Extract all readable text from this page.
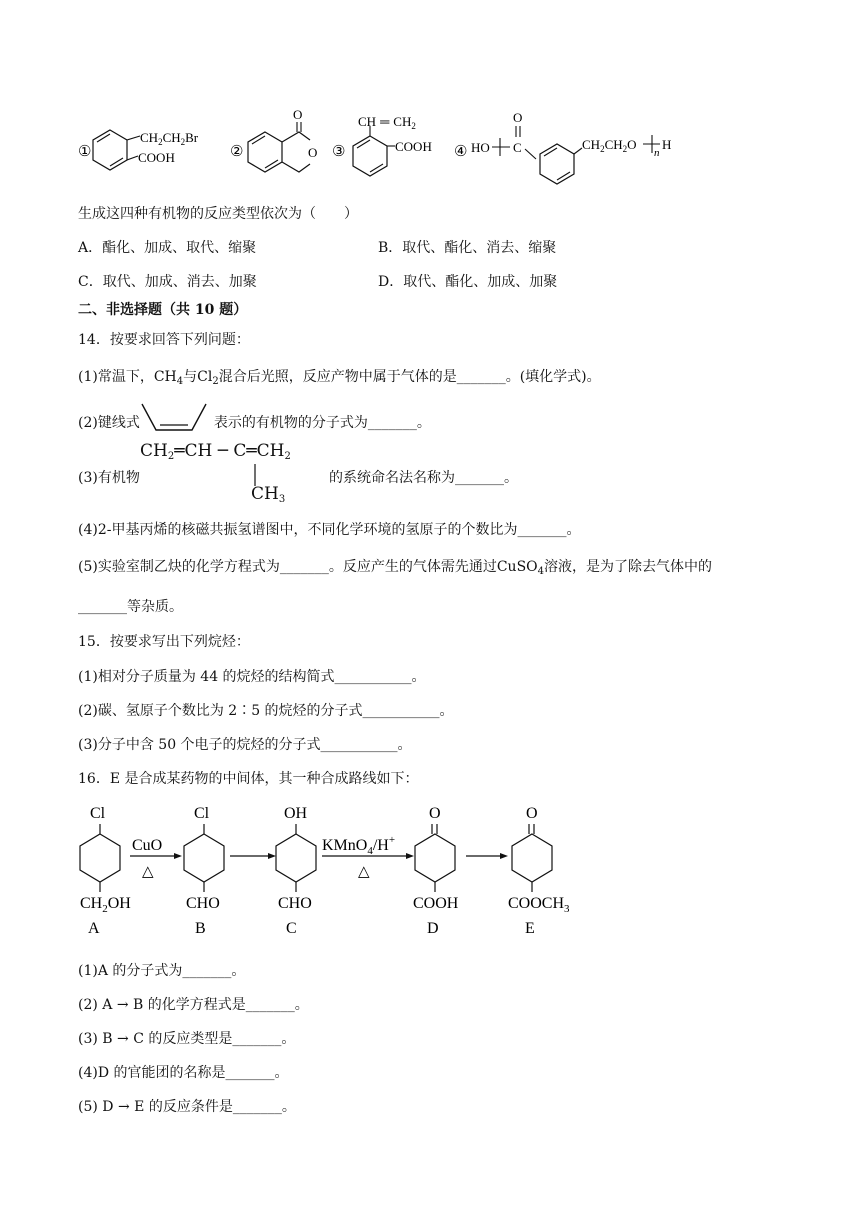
①
$CH_2CH_2Br$
COOH	②
O
O ③
CH ═ $CH_2$
COOH ④ HO C
O
$CH_2CH_2O$
n
H
生成这四种有机物的反应类型依次为（　　）
A．酯化、加成、取代、缩聚	B．取代、酯化、消去、缩聚
C．取代、加成、消去、加聚	D．取代、酯化、加成、加聚
二、非选择题（共 10 题）
14．按要求回答下列问题：
(1)常温下，$CH_4$与$Cl_2$混合后光照，反应产物中属于气体的是_______。(填化学式)。
(2)键线式	表示的有机物的分子式为_______。
$CH_2═CH$ ─ $C═CH_2$
$CH_3$
(3)有机物	的系统命名法名称为_______。
(4)2-甲基丙烯的核磁共振氢谱图中，不同化学环境的氢原子的个数比为_______。
(5)实验室制乙炔的化学方程式为_______。反应产生的气体需先通过CuSO$_4$溶液，是为了除去气体中的
_______等杂质。
15．按要求写出下列烷烃：
(1)相对分子质量为 44 的烷烃的结构简式___________。
(2)碳、氢原子个数比为 2∶5 的烷烃的分子式___________。
(3)分子中含 50 个电子的烷烃的分子式___________。
16．E 是合成某药物的中间体，其一种合成路线如下：
Cl
$CH_2OH$
A
CuO
△
Cl
CHO
B
OH
CHO
C
KMnO$_4$/H+
△
O
COOH
D
O
$COOCH_3$
E
(1)A 的分子式为_______。
(2) A → B 的化学方程式是_______。
(3) B → C 的反应类型是_______。
(4)D 的官能团的名称是_______。
(5) D → E 的反应条件是_______。
